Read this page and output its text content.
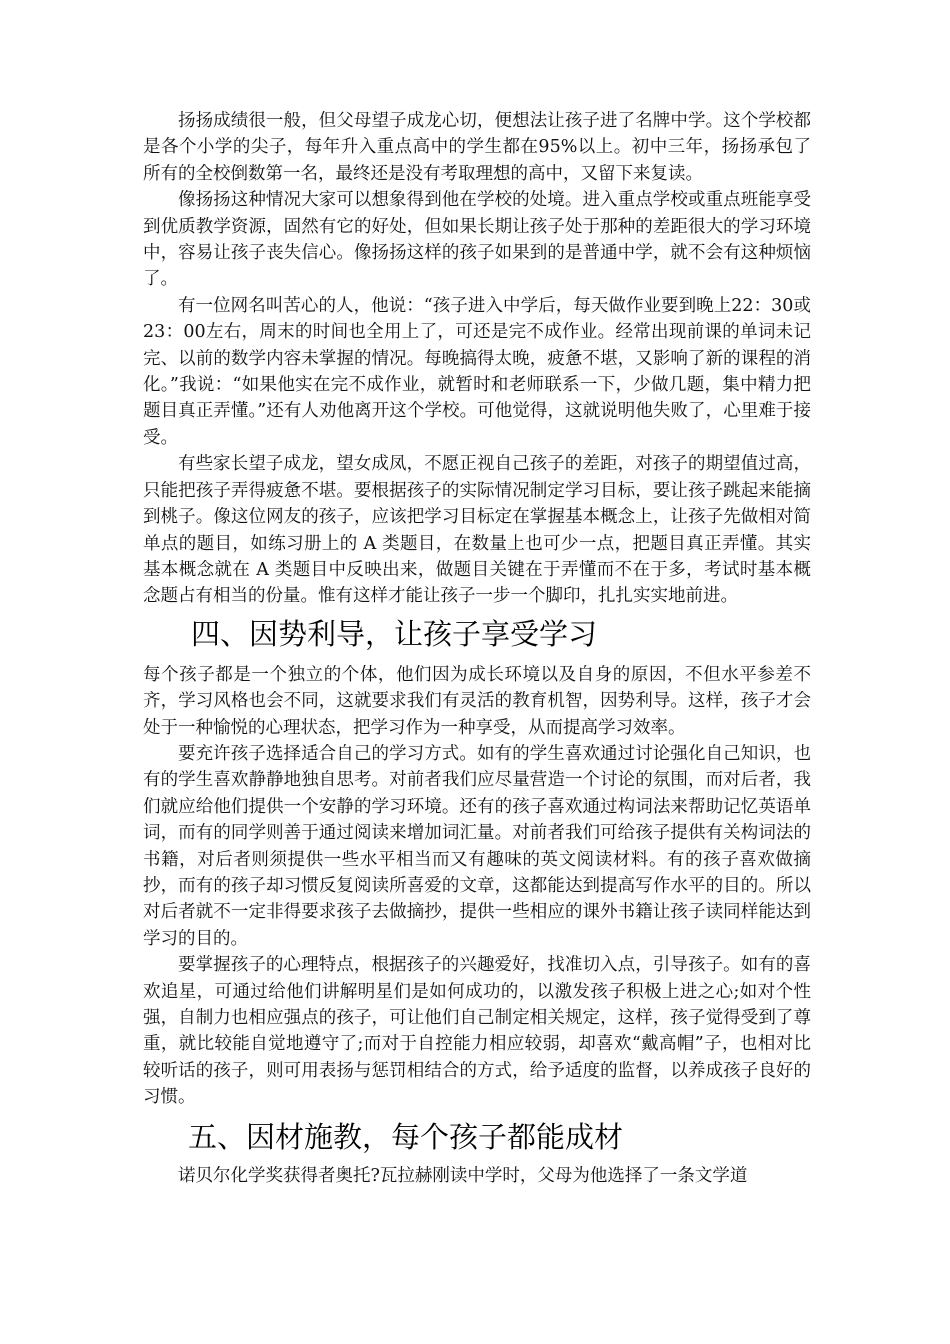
扬扬成绩很一般，但父母望子成龙心切，便想法让孩子进了名牌中学。这个学校都是各个小学的尖子，每年升入重点高中的学生都在95%以上。初中三年，扬扬承包了所有的全校倒数第一名，最终还是没有考取理想的高中，又留下来复读。

像扬扬这种情况大家可以想象得到他在学校的处境。进入重点学校或重点班能享受到优质教学资源，固然有它的好处，但如果长期让孩子处于那种的差距很大的学习环境中，容易让孩子丧失信心。像扬扬这样的孩子如果到的是普通中学，就不会有这种烦恼了。

有一位网名叫苦心的人，他说：“孩子进入中学后，每天做作业要到晚上22：30或23：00左右，周末的时间也全用上了，可还是完不成作业。经常出现前课的单词未记完、以前的数学内容未掌握的情况。每晚搞得太晚，疲惫不堪，又影响了新的课程的消化。”我说：“如果他实在完不成作业，就暂时和老师联系一下，少做几题，集中精力把题目真正弄懂。”还有人劝他离开这个学校。可他觉得，这就说明他失败了，心里难于接受。

有些家长望子成龙，望女成凤，不愿正视自己孩子的差距，对孩子的期望值过高，只能把孩子弄得疲惫不堪。要根据孩子的实际情况制定学习目标，要让孩子跳起来能摘到桃子。像这位网友的孩子，应该把学习目标定在掌握基本概念上，让孩子先做相对简单点的题目，如练习册上的 A 类题目，在数量上也可少一点，把题目真正弄懂。其实基本概念就在 A 类题目中反映出来，做题目关键在于弄懂而不在于多，考试时基本概念题占有相当的份量。惟有这样才能让孩子一步一个脚印，扎扎实实地前进。

四、因势利导，让孩子享受学习

每个孩子都是一个独立的个体，他们因为成长环境以及自身的原因，不但水平参差不齐，学习风格也会不同，这就要求我们有灵活的教育机智，因势利导。这样，孩子才会处于一种愉悦的心理状态，把学习作为一种享受，从而提高学习效率。

要充许孩子选择适合自己的学习方式。如有的学生喜欢通过讨论强化自己知识，也有的学生喜欢静静地独自思考。对前者我们应尽量营造一个讨论的氛围，而对后者，我们就应给他们提供一个安静的学习环境。还有的孩子喜欢通过构词法来帮助记忆英语单词，而有的同学则善于通过阅读来增加词汇量。对前者我们可给孩子提供有关构词法的书籍，对后者则须提供一些水平相当而又有趣味的英文阅读材料。有的孩子喜欢做摘抄，而有的孩子却习惯反复阅读所喜爱的文章，这都能达到提高写作水平的目的。所以对后者就不一定非得要求孩子去做摘抄，提供一些相应的课外书籍让孩子读同样能达到学习的目的。

要掌握孩子的心理特点，根据孩子的兴趣爱好，找准切入点，引导孩子。如有的喜欢追星，可通过给他们讲解明星们是如何成功的，以激发孩子积极上进之心;如对个性强，自制力也相应强点的孩子，可让他们自己制定相关规定，这样，孩子觉得受到了尊重，就比较能自觉地遵守了;而对于自控能力相应较弱，却喜欢“戴高帽”子，也相对比较听话的孩子，则可用表扬与惩罚相结合的方式，给予适度的监督，以养成孩子良好的习惯。

五、因材施教，每个孩子都能成材

诺贝尔化学奖获得者奥托?瓦拉赫刚读中学时，父母为他选择了一条文学道
